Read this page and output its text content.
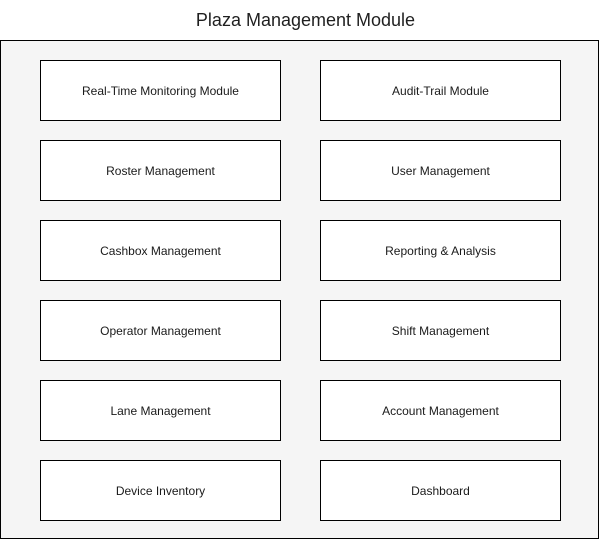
Plaza Management Module
Real-Time Monitoring Module	Audit-Trail Module
Roster Management	User Management
Cashbox Management	Reporting & Analysis
Operator Management	Shift Management
Lane Management	Account Management
Device Inventory	Dashboard
